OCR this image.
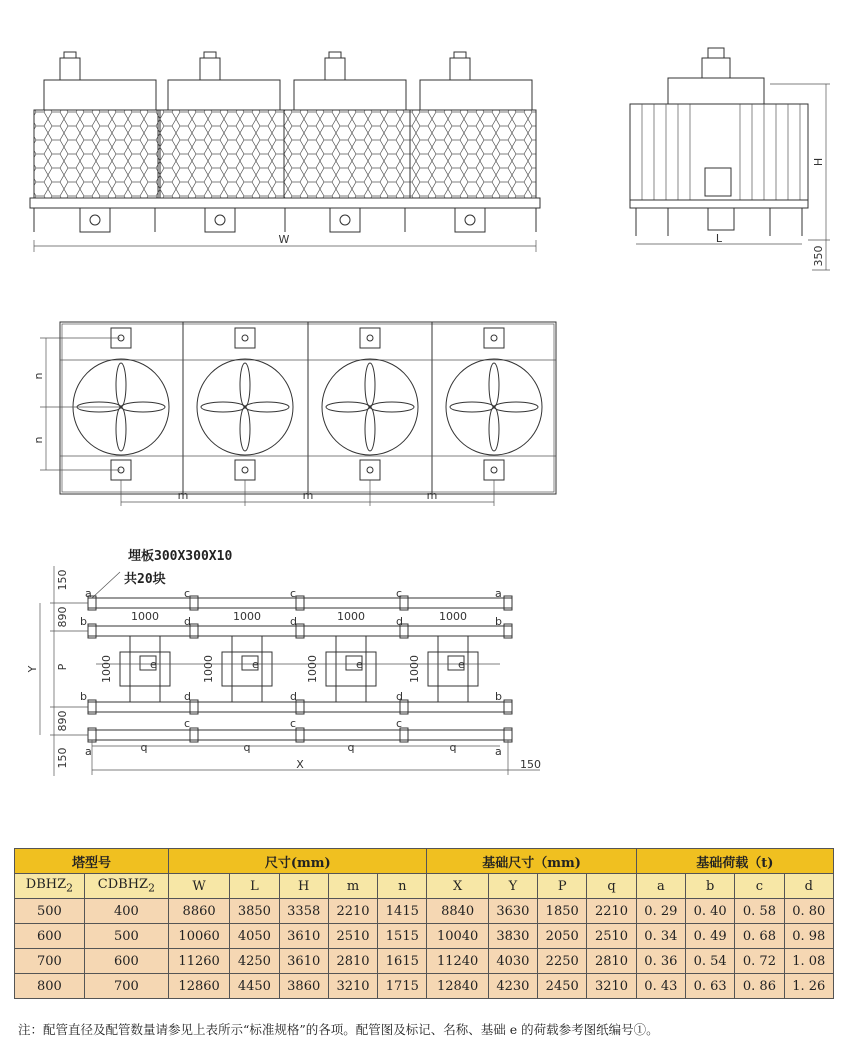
W	L
H
350
n
n
m	m	m
埋板300X300X10
共20块
a	a
a	a
b	b
b	b
c	c	c
c	c	c
d	d	d
d	d	d
e	e	e	e
1000	1000	1000	1000
1000	1000	1000	1000
150
890
P
890
150
Y
q	q	q	q
X	150
塔型号		尺寸(mm)					基础尺寸（mm)				基础荷载（t)			
$DBHZ_2$	$CDBHZ_2$	W	L	H	m	n	X	Y	P	q	a	b	c	d
500	400	8860	3850	3358	2210	1415	8840	3630	1850	2210	0. 29	0. 40	0. 58	0. 80
600	500	10060	4050	3610	2510	1515	10040	3830	2050	2510	0. 34	0. 49	0. 68	0. 98
700	600	11260	4250	3610	2810	1615	11240	4030	2250	2810	0. 36	0. 54	0. 72	1. 08
800	700	12860	4450	3860	3210	1715	12840	4230	2450	3210	0. 43	0. 63	0. 86	1. 26
注：配管直径及配管数量请参见上表所示“标准规格”的各项。配管图及标记、名称、基础 e 的荷载参考图纸编号①。
